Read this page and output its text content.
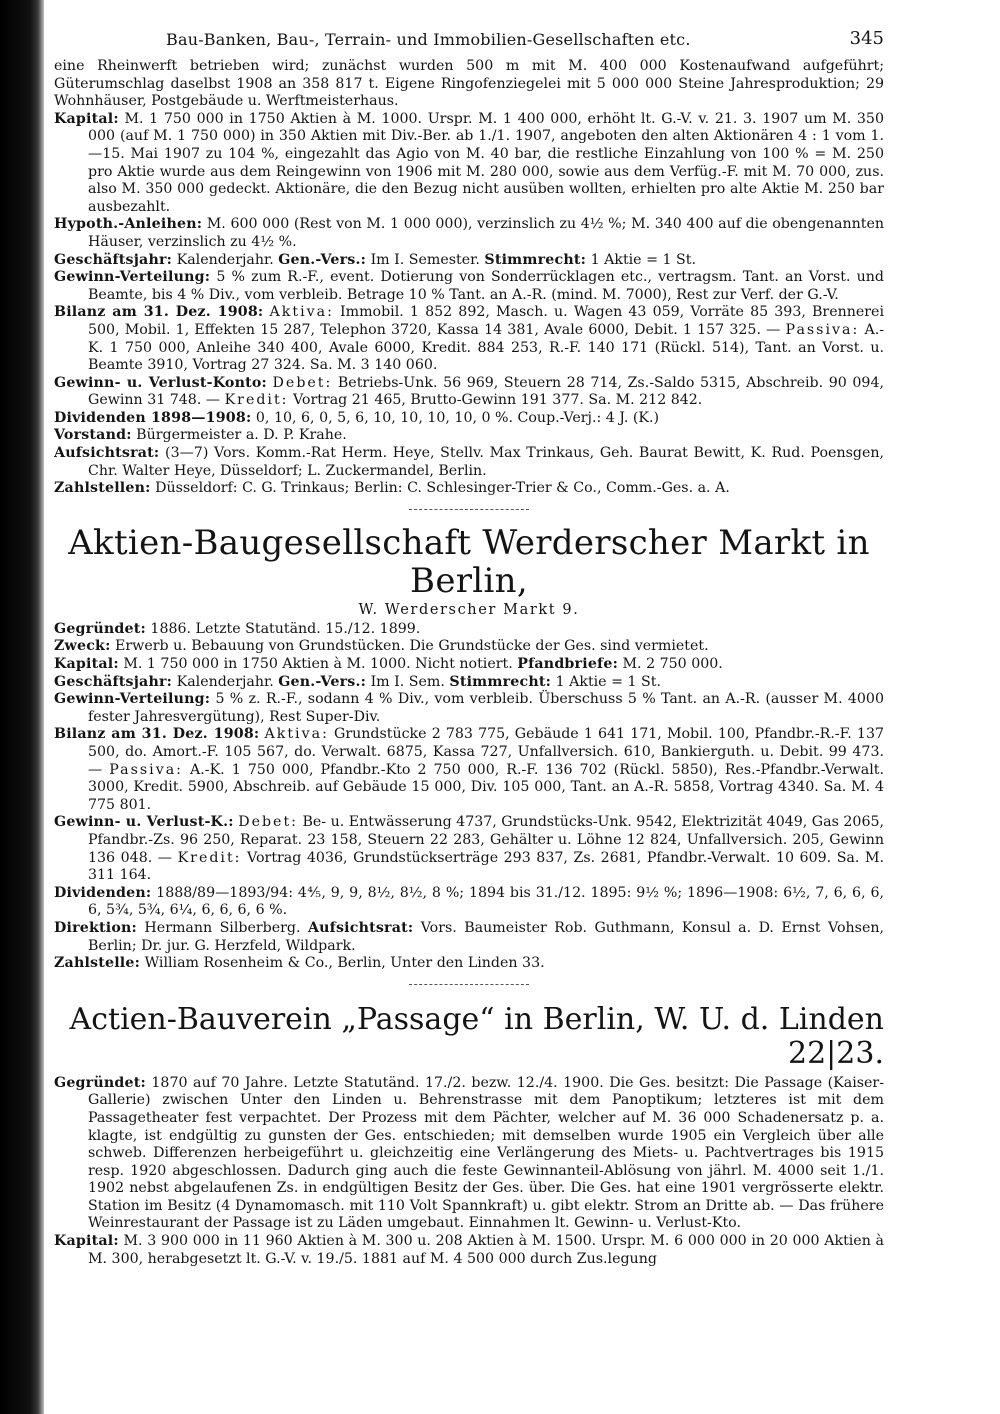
Bau-Banken, Bau-, Terrain- und Immobilien-Gesellschaften etc.	345

eine Rheinwerft betrieben wird; zunächst wurden 500 m mit M. 400 000 Kostenaufwand aufgeführt; Güterumschlag daselbst 1908 an 358 817 t. Eigene Ringofenziegelei mit 5 000 000 Steine Jahresproduktion; 29 Wohnhäuser, Postgebäude u. Werftmeisterhaus.

Kapital: M. 1 750 000 in 1750 Aktien à M. 1000. Urspr. M. 1 400 000, erhöht lt. G.-V. v. 21. 3. 1907 um M. 350 000 (auf M. 1 750 000) in 350 Aktien mit Div.-Ber. ab 1./1. 1907, angeboten den alten Aktionären 4 : 1 vom 1.—15. Mai 1907 zu 104 %, eingezahlt das Agio von M. 40 bar, die restliche Einzahlung von 100 % = M. 250 pro Aktie wurde aus dem Reingewinn von 1906 mit M. 280 000, sowie aus dem Verfüg.-F. mit M. 70 000, zus. also M. 350 000 gedeckt. Aktionäre, die den Bezug nicht ausüben wollten, erhielten pro alte Aktie M. 250 bar ausbezahlt.

Hypoth.-Anleihen: M. 600 000 (Rest von M. 1 000 000), verzinslich zu 4½ %; M. 340 400 auf die obengenannten Häuser, verzinslich zu 4½ %.

Geschäftsjahr: Kalenderjahr. Gen.-Vers.: Im I. Semester. Stimmrecht: 1 Aktie = 1 St.

Gewinn-Verteilung: 5 % zum R.-F., event. Dotierung von Sonderrücklagen etc., vertragsm. Tant. an Vorst. und Beamte, bis 4 % Div., vom verbleib. Betrage 10 % Tant. an A.-R. (mind. M. 7000), Rest zur Verf. der G.-V.

Bilanz am 31. Dez. 1908: Aktiva: Immobil. 1 852 892, Masch. u. Wagen 43 059, Vorräte 85 393, Brennerei 500, Mobil. 1, Effekten 15 287, Telephon 3720, Kassa 14 381, Avale 6000, Debit. 1 157 325. — Passiva: A.-K. 1 750 000, Anleihe 340 400, Avale 6000, Kredit. 884 253, R.-F. 140 171 (Rückl. 514), Tant. an Vorst. u. Beamte 3910, Vortrag 27 324. Sa. M. 3 140 060.

Gewinn- u. Verlust-Konto: Debet: Betriebs-Unk. 56 969, Steuern 28 714, Zs.-Saldo 5315, Abschreib. 90 094, Gewinn 31 748. — Kredit: Vortrag 21 465, Brutto-Gewinn 191 377. Sa. M. 212 842.

Dividenden 1898—1908: 0, 10, 6, 0, 5, 6, 10, 10, 10, 10, 0 %. Coup.-Verj.: 4 J. (K.)

Vorstand: Bürgermeister a. D. P. Krahe.

Aufsichtsrat: (3—7) Vors. Komm.-Rat Herm. Heye, Stellv. Max Trinkaus, Geh. Baurat Bewitt, K. Rud. Poensgen, Chr. Walter Heye, Düsseldorf; L. Zuckermandel, Berlin.

Zahlstellen: Düsseldorf: C. G. Trinkaus; Berlin: C. Schlesinger-Trier & Co., Comm.-Ges. a. A.

Aktien-Baugesellschaft Werderscher Markt in Berlin,
W. Werderscher Markt 9.

Gegründet: 1886. Letzte Statutänd. 15./12. 1899.

Zweck: Erwerb u. Bebauung von Grundstücken. Die Grundstücke der Ges. sind vermietet.

Kapital: M. 1 750 000 in 1750 Aktien à M. 1000. Nicht notiert. Pfandbriefe: M. 2 750 000.

Geschäftsjahr: Kalenderjahr. Gen.-Vers.: Im I. Sem. Stimmrecht: 1 Aktie = 1 St.

Gewinn-Verteilung: 5 % z. R.-F., sodann 4 % Div., vom verbleib. Überschuss 5 % Tant. an A.-R. (ausser M. 4000 fester Jahresvergütung), Rest Super-Div.

Bilanz am 31. Dez. 1908: Aktiva: Grundstücke 2 783 775, Gebäude 1 641 171, Mobil. 100, Pfandbr.-R.-F. 137 500, do. Amort.-F. 105 567, do. Verwalt. 6875, Kassa 727, Unfallversich. 610, Bankierguth. u. Debit. 99 473. — Passiva: A.-K. 1 750 000, Pfandbr.-Kto 2 750 000, R.-F. 136 702 (Rückl. 5850), Res.-Pfandbr.-Verwalt. 3000, Kredit. 5900, Abschreib. auf Gebäude 15 000, Div. 105 000, Tant. an A.-R. 5858, Vortrag 4340. Sa. M. 4 775 801.

Gewinn- u. Verlust-K.: Debet: Be- u. Entwässerung 4737, Grundstücks-Unk. 9542, Elektrizität 4049, Gas 2065, Pfandbr.-Zs. 96 250, Reparat. 23 158, Steuern 22 283, Gehälter u. Löhne 12 824, Unfallversich. 205, Gewinn 136 048. — Kredit: Vortrag 4036, Grundstückserträge 293 837, Zs. 2681, Pfandbr.-Verwalt. 10 609. Sa. M. 311 164.

Dividenden: 1888/89—1893/94: 4⅘, 9, 9, 8½, 8½, 8 %; 1894 bis 31./12. 1895: 9½ %; 1896—1908: 6½, 7, 6, 6, 6, 6, 5¾, 5¾, 6¼, 6, 6, 6, 6 %.

Direktion: Hermann Silberberg. Aufsichtsrat: Vors. Baumeister Rob. Guthmann, Konsul a. D. Ernst Vohsen, Berlin; Dr. jur. G. Herzfeld, Wildpark.

Zahlstelle: William Rosenheim & Co., Berlin, Unter den Linden 33.

Actien-Bauverein „Passage“ in Berlin, W. U. d. Linden 22|23.

Gegründet: 1870 auf 70 Jahre. Letzte Statutänd. 17./2. bezw. 12./4. 1900. Die Ges. besitzt: Die Passage (Kaiser-Gallerie) zwischen Unter den Linden u. Behrenstrasse mit dem Panoptikum; letzteres ist mit dem Passagetheater fest verpachtet. Der Prozess mit dem Pächter, welcher auf M. 36 000 Schadenersatz p. a. klagte, ist endgültig zu gunsten der Ges. entschieden; mit demselben wurde 1905 ein Vergleich über alle schweb. Differenzen herbeigeführt u. gleichzeitig eine Verlängerung des Miets- u. Pachtvertrages bis 1915 resp. 1920 abgeschlossen. Dadurch ging auch die feste Gewinnanteil-Ablösung von jährl. M. 4000 seit 1./1. 1902 nebst abgelaufenen Zs. in endgültigen Besitz der Ges. über. Die Ges. hat eine 1901 vergrösserte elektr. Station im Besitz (4 Dynamomasch. mit 110 Volt Spannkraft) u. gibt elektr. Strom an Dritte ab. — Das frühere Weinrestaurant der Passage ist zu Läden umgebaut. Einnahmen lt. Gewinn- u. Verlust-Kto.

Kapital: M. 3 900 000 in 11 960 Aktien à M. 300 u. 208 Aktien à M. 1500. Urspr. M. 6 000 000 in 20 000 Aktien à M. 300, herabgesetzt lt. G.-V. v. 19./5. 1881 auf M. 4 500 000 durch Zus.legung
